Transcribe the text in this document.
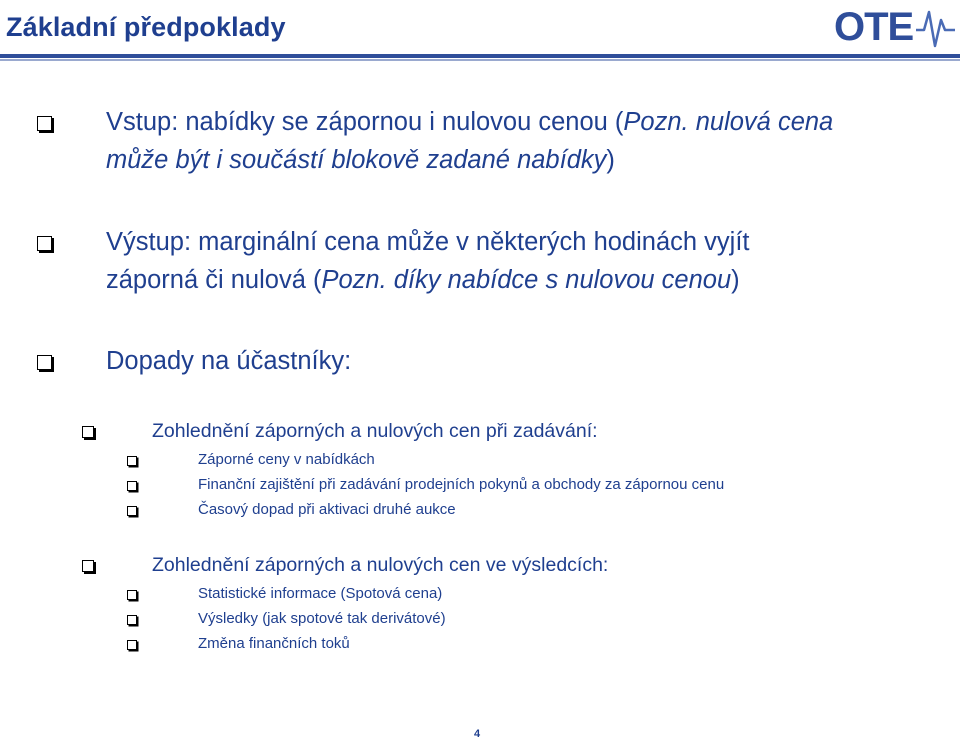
Základní předpoklady	OTE
Vstup: nabídky se zápornou i nulovou cenou (Pozn. nulová cena
může být i součástí blokově zadané nabídky)
Výstup: marginální cena může v některých hodinách vyjít
záporná či nulová (Pozn. díky nabídce s nulovou cenou)
Dopady na účastníky:
Zohlednění záporných a nulových cen při zadávání:
Záporné ceny v nabídkách
Finanční zajištění při zadávání prodejních pokynů a obchody za zápornou cenu
Časový dopad při aktivaci druhé aukce
Zohlednění záporných a nulových cen ve výsledcích:
Statistické informace (Spotová cena)
Výsledky (jak spotové tak derivátové)
Změna finančních toků
4
